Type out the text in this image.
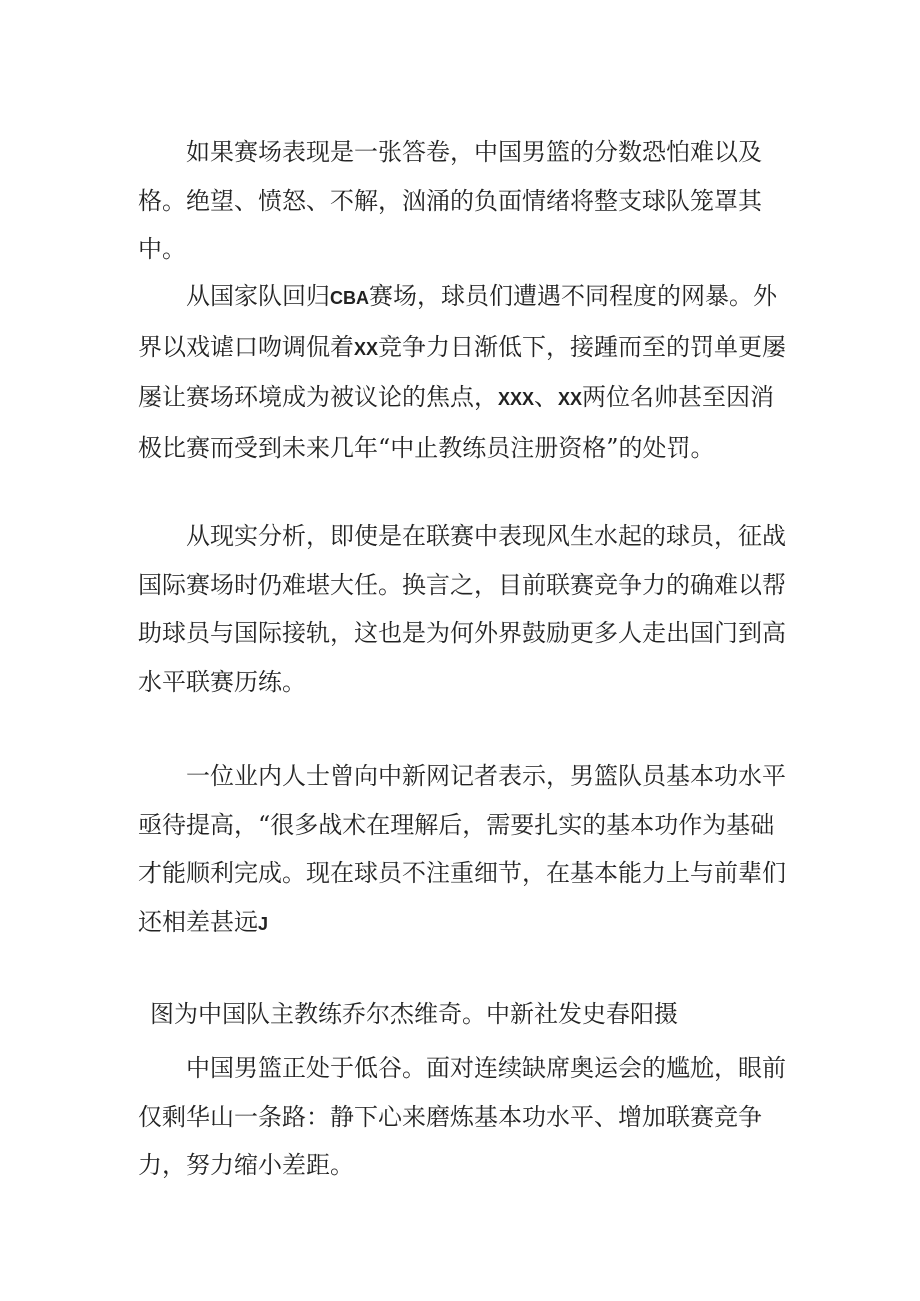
如果赛场表现是一张答卷，中国男篮的分数恐怕难以及格。绝望、愤怒、不解，汹涌的负面情绪将整支球队笼罩其中。

从国家队回归CBA赛场，球员们遭遇不同程度的网暴。外界以戏谑口吻调侃着XX竞争力日渐低下，接踵而至的罚单更屡屡让赛场环境成为被议论的焦点，XXX、XX两位名帅甚至因消极比赛而受到未来几年“中止教练员注册资格”的处罚。

从现实分析，即使是在联赛中表现风生水起的球员，征战国际赛场时仍难堪大任。换言之，目前联赛竞争力的确难以帮助球员与国际接轨，这也是为何外界鼓励更多人走出国门到高水平联赛历练。

一位业内人士曾向中新网记者表示，男篮队员基本功水平亟待提高，“很多战术在理解后，需要扎实的基本功作为基础才能顺利完成。现在球员不注重细节，在基本能力上与前辈们还相差甚远J

图为中国队主教练乔尔杰维奇。中新社发史春阳摄

中国男篮正处于低谷。面对连续缺席奥运会的尴尬，眼前仅剩华山一条路：静下心来磨炼基本功水平、增加联赛竞争力，努力缩小差距。
